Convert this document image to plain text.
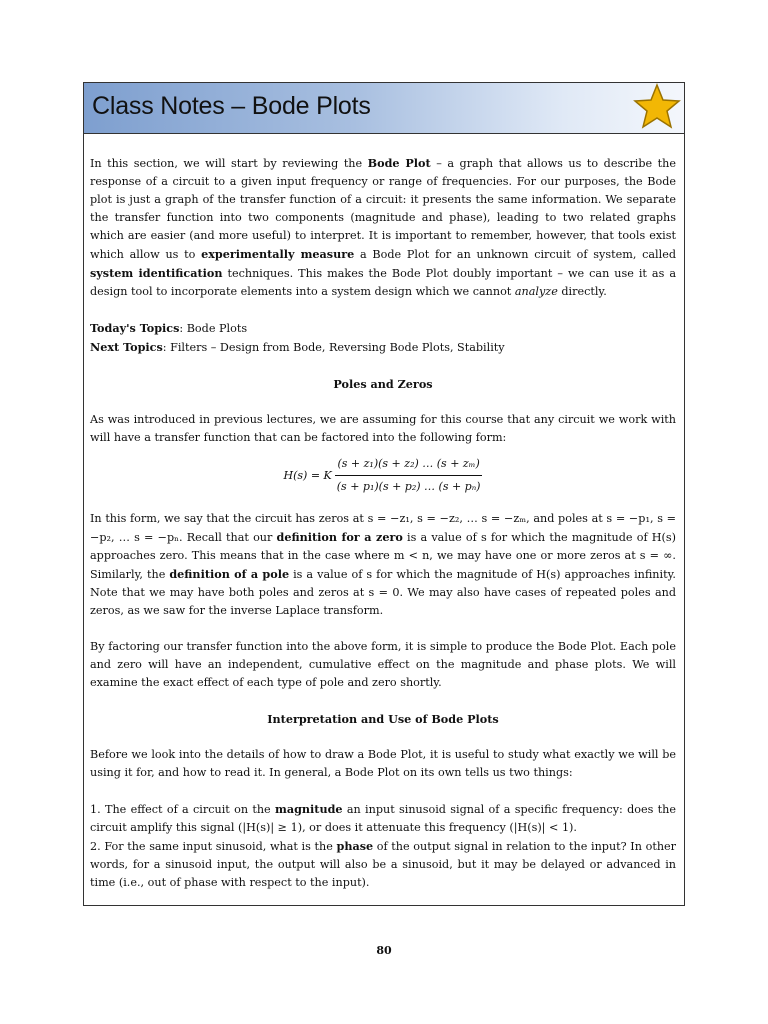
Class Notes – Bode Plots

In this section, we will start by reviewing the Bode Plot – a graph that allows us to describe the response of a circuit to a given input frequency or range of frequencies. For our purposes, the Bode plot is just a graph of the transfer function of a circuit: it presents the same information. We separate the transfer function into two components (magnitude and phase), leading to two related graphs which are easier (and more useful) to interpret. It is important to remember, however, that tools exist which allow us to experimentally measure a Bode Plot for an unknown circuit of system, called system identification techniques. This makes the Bode Plot doubly important – we can use it as a design tool to incorporate elements into a system design which we cannot analyze directly.

Today's Topics: Bode Plots

Next Topics: Filters – Design from Bode, Reversing Bode Plots, Stability

Poles and Zeros

As was introduced in previous lectures, we are assuming for this course that any circuit we work with will have a transfer function that can be factored into the following form:

H(s) = K $\frac{\text{(s + z₁)(s + z₂) … (s + zₘ)}}{\text{(s + p₁)(s + p₂) … (s + pₙ)}}$

In this form, we say that the circuit has zeros at s = −z₁, s = −z₂, … s = −zₘ, and poles at s = −p₁, s = −p₂, … s = −pₙ. Recall that our definition for a zero is a value of s for which the magnitude of H(s) approaches zero. This means that in the case where m < n, we may have one or more zeros at s = ∞. Similarly, the definition of a pole is a value of s for which the magnitude of H(s) approaches infinity. Note that we may have both poles and zeros at s = 0. We may also have cases of repeated poles and zeros, as we saw for the inverse Laplace transform.

By factoring our transfer function into the above form, it is simple to produce the Bode Plot. Each pole and zero will have an independent, cumulative effect on the magnitude and phase plots. We will examine the exact effect of each type of pole and zero shortly.

Interpretation and Use of Bode Plots

Before we look into the details of how to draw a Bode Plot, it is useful to study what exactly we will be using it for, and how to read it. In general, a Bode Plot on its own tells us two things:

1. The effect of a circuit on the magnitude an input sinusoid signal of a specific frequency: does the circuit amplify this signal (|H(s)| ≥ 1), or does it attenuate this frequency (|H(s)| < 1).

2. For the same input sinusoid, what is the phase of the output signal in relation to the input? In other words, for a sinusoid input, the output will also be a sinusoid, but it may be delayed or advanced in time (i.e., out of phase with respect to the input).

80
